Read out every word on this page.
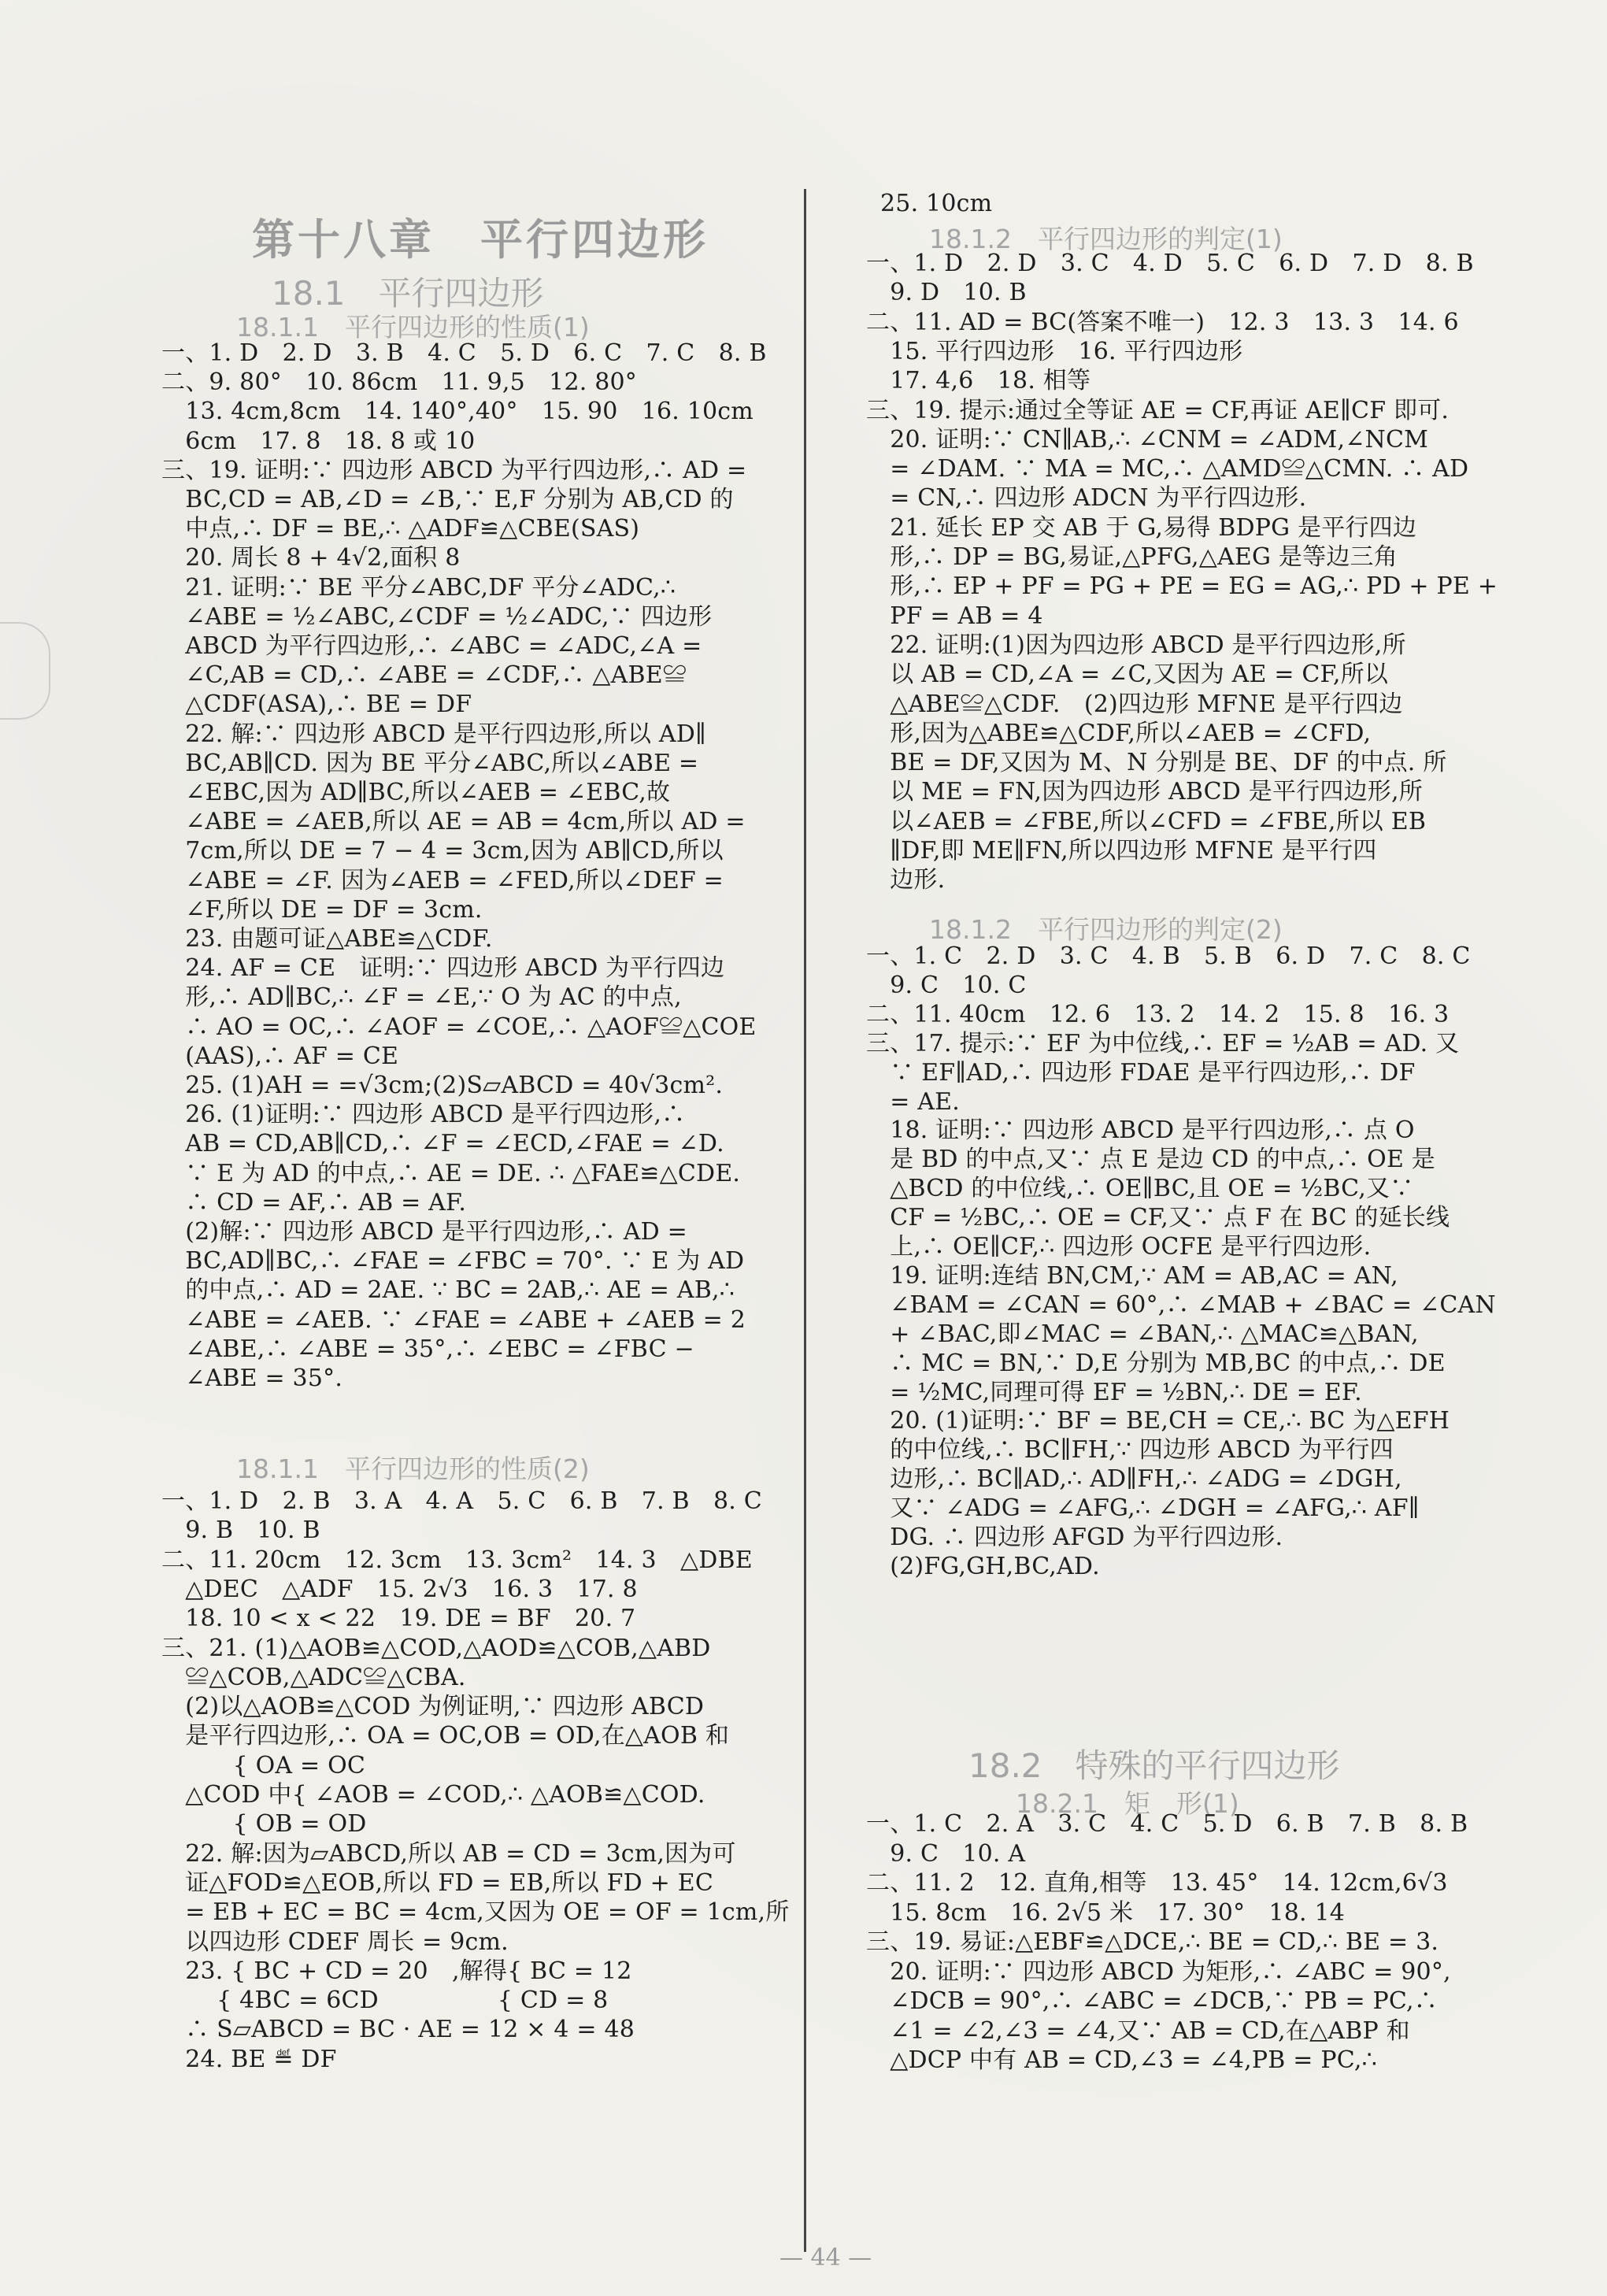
第十八章　平行四边形
— 44 —
18.1　平行四边形
18.1.1　平行四边形的性质(1)
一、1. D　2. D　3. B　4. C　5. D　6. C　7. C　8. B
二、9. 80°　10. 86cm　11. 9,5　12. 80°
　13. 4cm,8cm　14. 140°,40°　15. 90　16. 10cm
　6cm　17. 8　18. 8 或 10
三、19. 证明:∵ 四边形 ABCD 为平行四边形,∴ AD =
　BC,CD = AB,∠D = ∠B,∵ E,F 分别为 AB,CD 的
　中点,∴ DF = BE,∴ △ADF≌△CBE(SAS)
　20. 周长 8 + 4√2,面积 8
　21. 证明:∵ BE 平分∠ABC,DF 平分∠ADC,∴
　∠ABE = ½∠ABC,∠CDF = ½∠ADC,∵ 四边形
　ABCD 为平行四边形,∴ ∠ABC = ∠ADC,∠A =
　∠C,AB = CD,∴ ∠ABE = ∠CDF,∴ △ABE≌
　△CDF(ASA),∴ BE = DF
　22. 解:∵ 四边形 ABCD 是平行四边形,所以 AD∥
　BC,AB∥CD. 因为 BE 平分∠ABC,所以∠ABE =
　∠EBC,因为 AD∥BC,所以∠AEB = ∠EBC,故
　∠ABE = ∠AEB,所以 AE = AB = 4cm,所以 AD =
　7cm,所以 DE = 7 − 4 = 3cm,因为 AB∥CD,所以
　∠ABE = ∠F. 因为∠AEB = ∠FED,所以∠DEF =
　∠F,所以 DE = DF = 3cm.
　23. 由题可证△ABE≌△CDF.
　24. AF = CE　证明:∵ 四边形 ABCD 为平行四边
　形,∴ AD∥BC,∴ ∠F = ∠E,∵ O 为 AC 的中点,
　∴ AO = OC,∴ ∠AOF = ∠COE,∴ △AOF≌△COE
　(AAS),∴ AF = CE
　25. (1)AH = =√3cm;(2)S▱ABCD = 40√3cm².
　26. (1)证明:∵ 四边形 ABCD 是平行四边形,∴
　AB = CD,AB∥CD,∴ ∠F = ∠ECD,∠FAE = ∠D.
　∵ E 为 AD 的中点,∴ AE = DE. ∴ △FAE≌△CDE.
　∴ CD = AF,∴ AB = AF.
　(2)解:∵ 四边形 ABCD 是平行四边形,∴ AD =
　BC,AD∥BC,∴ ∠FAE = ∠FBC = 70°. ∵ E 为 AD
　的中点,∴ AD = 2AE. ∵ BC = 2AB,∴ AE = AB,∴
　∠ABE = ∠AEB. ∵ ∠FAE = ∠ABE + ∠AEB = 2
　∠ABE,∴ ∠ABE = 35°,∴ ∠EBC = ∠FBC −
　∠ABE = 35°.
18.1.1　平行四边形的性质(2)
一、1. D　2. B　3. A　4. A　5. C　6. B　7. B　8. C
　9. B　10. B
二、11. 20cm　12. 3cm　13. 3cm²　14. 3　△DBE
　△DEC　△ADF　15. 2√3　16. 3　17. 8
　18. 10 < x < 22　19. DE = BF　20. 7
三、21. (1)△AOB≌△COD,△AOD≌△COB,△ABD
　≌△COB,△ADC≌△CBA.
　(2)以△AOB≌△COD 为例证明,∵ 四边形 ABCD
　是平行四边形,∴ OA = OC,OB = OD,在△AOB 和
　　　{ OA = OC
　△COD 中{ ∠AOB = ∠COD,∴ △AOB≌△COD.
　　　{ OB = OD
　22. 解:因为▱ABCD,所以 AB = CD = 3cm,因为可
　证△FOD≌△EOB,所以 FD = EB,所以 FD + EC
　= EB + EC = BC = 4cm,又因为 OE = OF = 1cm,所
　以四边形 CDEF 周长 = 9cm.
　23. { BC + CD = 20　,解得{ BC = 12
　　 { 4BC = 6CD　　　　　{ CD = 8
　∴ S▱ABCD = BC · AE = 12 × 4 = 48
　24. BE ≝ DF
25. 10cm
18.1.2　平行四边形的判定(1)
一、1. D　2. D　3. C　4. D　5. C　6. D　7. D　8. B
　9. D　10. B
二、11. AD = BC(答案不唯一)　12. 3　13. 3　14. 6
　15. 平行四边形　16. 平行四边形
　17. 4,6　18. 相等
三、19. 提示:通过全等证 AE = CF,再证 AE∥CF 即可.
　20. 证明:∵ CN∥AB,∴ ∠CNM = ∠ADM,∠NCM
　= ∠DAM. ∵ MA = MC,∴ △AMD≌△CMN. ∴ AD
　= CN,∴ 四边形 ADCN 为平行四边形.
　21. 延长 EP 交 AB 于 G,易得 BDPG 是平行四边
　形,∴ DP = BG,易证,△PFG,△AEG 是等边三角
　形,∴ EP + PF = PG + PE = EG = AG,∴ PD + PE +
　PF = AB = 4
　22. 证明:(1)因为四边形 ABCD 是平行四边形,所
　以 AB = CD,∠A = ∠C,又因为 AE = CF,所以
　△ABE≌△CDF.　(2)四边形 MFNE 是平行四边
　形,因为△ABE≌△CDF,所以∠AEB = ∠CFD,
　BE = DF,又因为 M、N 分别是 BE、DF 的中点. 所
　以 ME = FN,因为四边形 ABCD 是平行四边形,所
　以∠AEB = ∠FBE,所以∠CFD = ∠FBE,所以 EB
　∥DF,即 ME∥FN,所以四边形 MFNE 是平行四
　边形.
18.1.2　平行四边形的判定(2)
一、1. C　2. D　3. C　4. B　5. B　6. D　7. C　8. C
　9. C　10. C
二、11. 40cm　12. 6　13. 2　14. 2　15. 8　16. 3
三、17. 提示:∵ EF 为中位线,∴ EF = ½AB = AD. 又
　∵ EF∥AD,∴ 四边形 FDAE 是平行四边形,∴ DF
　= AE.
　18. 证明:∵ 四边形 ABCD 是平行四边形,∴ 点 O
　是 BD 的中点,又∵ 点 E 是边 CD 的中点,∴ OE 是
　△BCD 的中位线,∴ OE∥BC,且 OE = ½BC,又∵
　CF = ½BC,∴ OE = CF,又∵ 点 F 在 BC 的延长线
　上,∴ OE∥CF,∴ 四边形 OCFE 是平行四边形.
　19. 证明:连结 BN,CM,∵ AM = AB,AC = AN,
　∠BAM = ∠CAN = 60°,∴ ∠MAB + ∠BAC = ∠CAN
　+ ∠BAC,即∠MAC = ∠BAN,∴ △MAC≌△BAN,
　∴ MC = BN,∵ D,E 分别为 MB,BC 的中点,∴ DE
　= ½MC,同理可得 EF = ½BN,∴ DE = EF.
　20. (1)证明:∵ BF = BE,CH = CE,∴ BC 为△EFH
　的中位线,∴ BC∥FH,∵ 四边形 ABCD 为平行四
　边形,∴ BC∥AD,∴ AD∥FH,∴ ∠ADG = ∠DGH,
　又∵ ∠ADG = ∠AFG,∴ ∠DGH = ∠AFG,∴ AF∥
　DG. ∴ 四边形 AFGD 为平行四边形.
　(2)FG,GH,BC,AD.
18.2　特殊的平行四边形
18.2.1　矩　形(1)
一、1. C　2. A　3. C　4. C　5. D　6. B　7. B　8. B
　9. C　10. A
二、11. 2　12. 直角,相等　13. 45°　14. 12cm,6√3
　15. 8cm　16. 2√5 米　17. 30°　18. 14
三、19. 易证:△EBF≌△DCE,∴ BE = CD,∴ BE = 3.
　20. 证明:∵ 四边形 ABCD 为矩形,∴ ∠ABC = 90°,
　∠DCB = 90°,∴ ∠ABC = ∠DCB,∵ PB = PC,∴
　∠1 = ∠2,∠3 = ∠4,又∵ AB = CD,在△ABP 和
　△DCP 中有 AB = CD,∠3 = ∠4,PB = PC,∴
